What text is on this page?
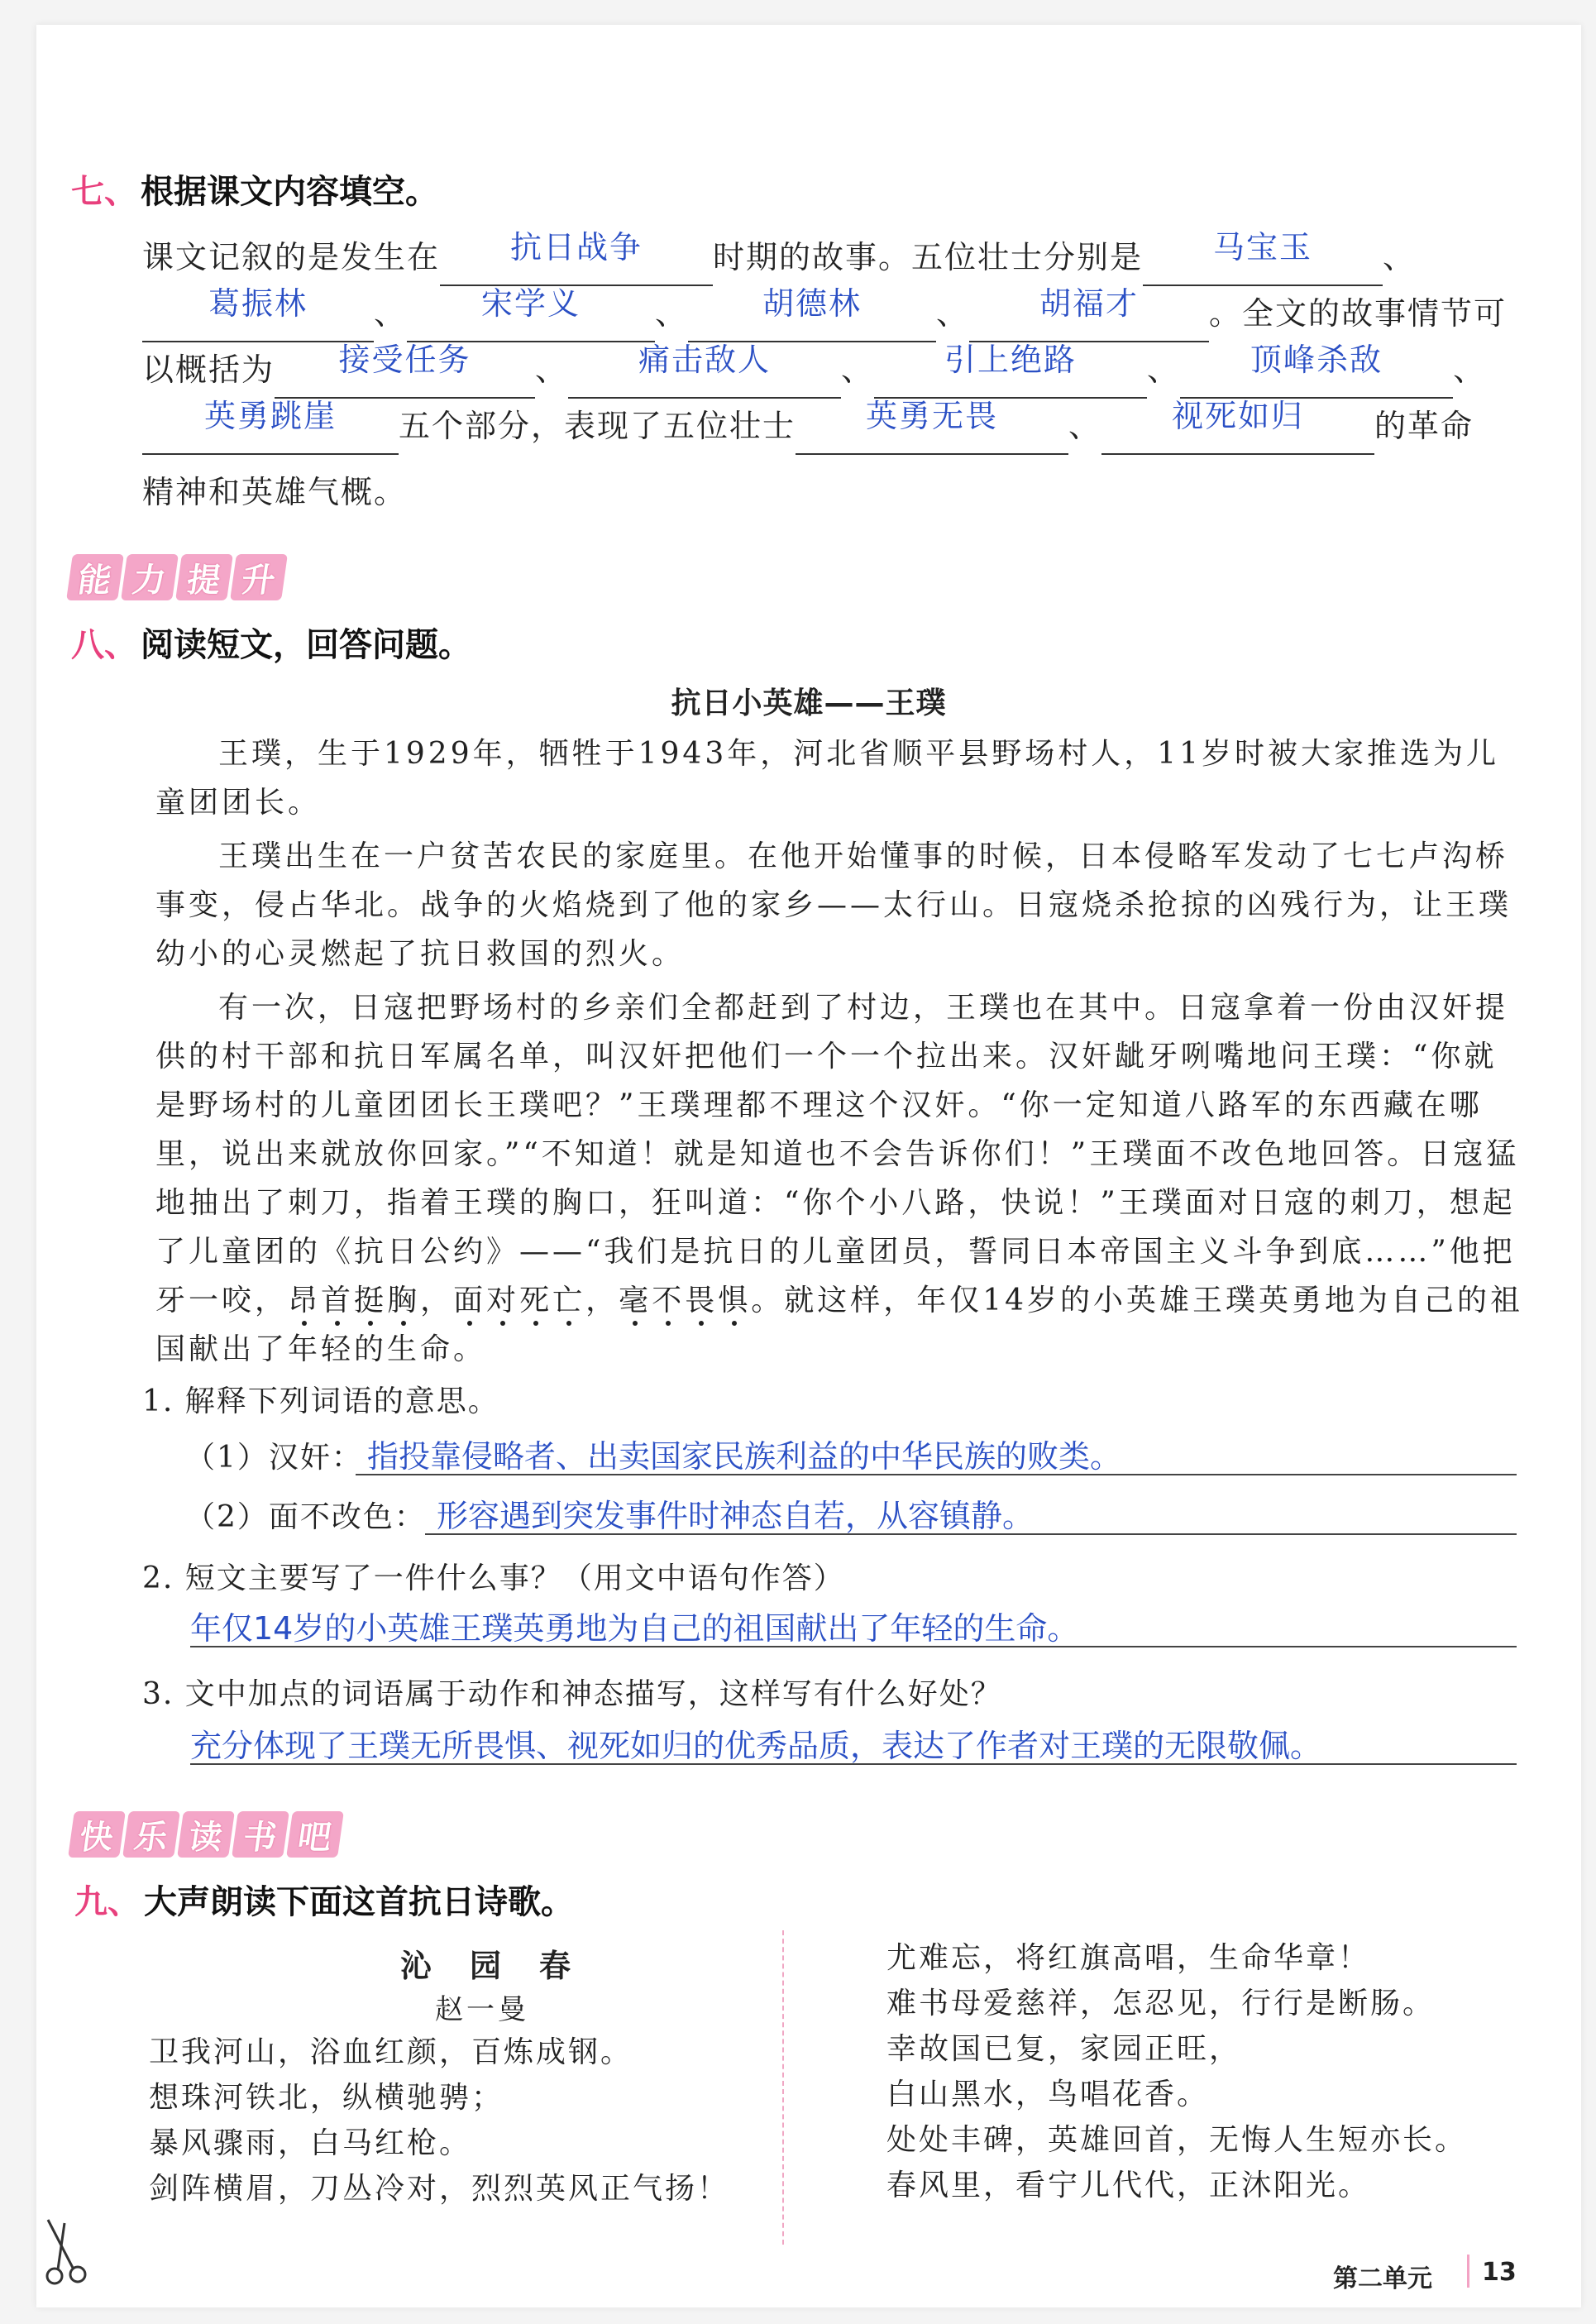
七、 根据课文内容填空。
课文记叙的是发生在	抗日战争	时期的故事。五位壮士分别是	马宝玉	、
葛振林	、	宋学义	、	胡德林	、	胡福才	。全文的故事情节可
以概括为	接受任务	、	痛击敌人	、	引上绝路	、	顶峰杀敌	、
英勇跳崖	五个部分，表现了五位壮士	英勇无畏	、	视死如归	的革命
精神和英雄气概。
能 力 提 升
八、 阅读短文，回答问题。
抗日小英雄——王璞

王璞，生于1929年，牺牲于1943年，河北省顺平县野场村人，11岁时被大家推选为儿童团团长。

王璞出生在一户贫苦农民的家庭里。在他开始懂事的时候，日本侵略军发动了七七卢沟桥事变，侵占华北。战争的火焰烧到了他的家乡——太行山。日寇烧杀抢掠的凶残行为，让王璞幼小的心灵燃起了抗日救国的烈火。

有一次，日寇把野场村的乡亲们全都赶到了村边，王璞也在其中。日寇拿着一份由汉奸提供的村干部和抗日军属名单，叫汉奸把他们一个一个拉出来。汉奸龇牙咧嘴地问王璞：“你就是野场村的儿童团团长王璞吧？”王璞理都不理这个汉奸。“你一定知道八路军的东西藏在哪里，说出来就放你回家。”“不知道！就是知道也不会告诉你们！”王璞面不改色地回答。日寇猛地抽出了刺刀，指着王璞的胸口，狂叫道：“你个小八路，快说！”王璞面对日寇的刺刀，想起了儿童团的《抗日公约》——“我们是抗日的儿童团员，誓同日本帝国主义斗争到底……”他把牙一咬，昂首挺胸，面对死亡，毫不畏惧。就这样，年仅14岁的小英雄王璞英勇地为自己的祖国献出了年轻的生命。

1. 解释下列词语的意思。
（1）汉奸： 指投靠侵略者、出卖国家民族利益的中华民族的败类。
（2）面不改色： 形容遇到突发事件时神态自若，从容镇静。
2. 短文主要写了一件什么事？（用文中语句作答）
年仅14岁的小英雄王璞英勇地为自己的祖国献出了年轻的生命。
3. 文中加点的词语属于动作和神态描写，这样写有什么好处？
充分体现了王璞无所畏惧、视死如归的优秀品质，表达了作者对王璞的无限敬佩。
快 乐 读 书 吧
九、 大声朗读下面这首抗日诗歌。
沁　园　春
赵一曼
卫我河山，浴血红颜，百炼成钢。
想珠河铁北，纵横驰骋；
暴风骤雨，白马红枪。
剑阵横眉，刀丛冷对，烈烈英风正气扬！
尤难忘，将红旗高唱，生命华章！
难书母爱慈祥，怎忍见，行行是断肠。
幸故国已复，家园正旺，
白山黑水，鸟唱花香。
处处丰碑，英雄回首，无悔人生短亦长。
春风里，看宁儿代代，正沐阳光。
第二单元 13
